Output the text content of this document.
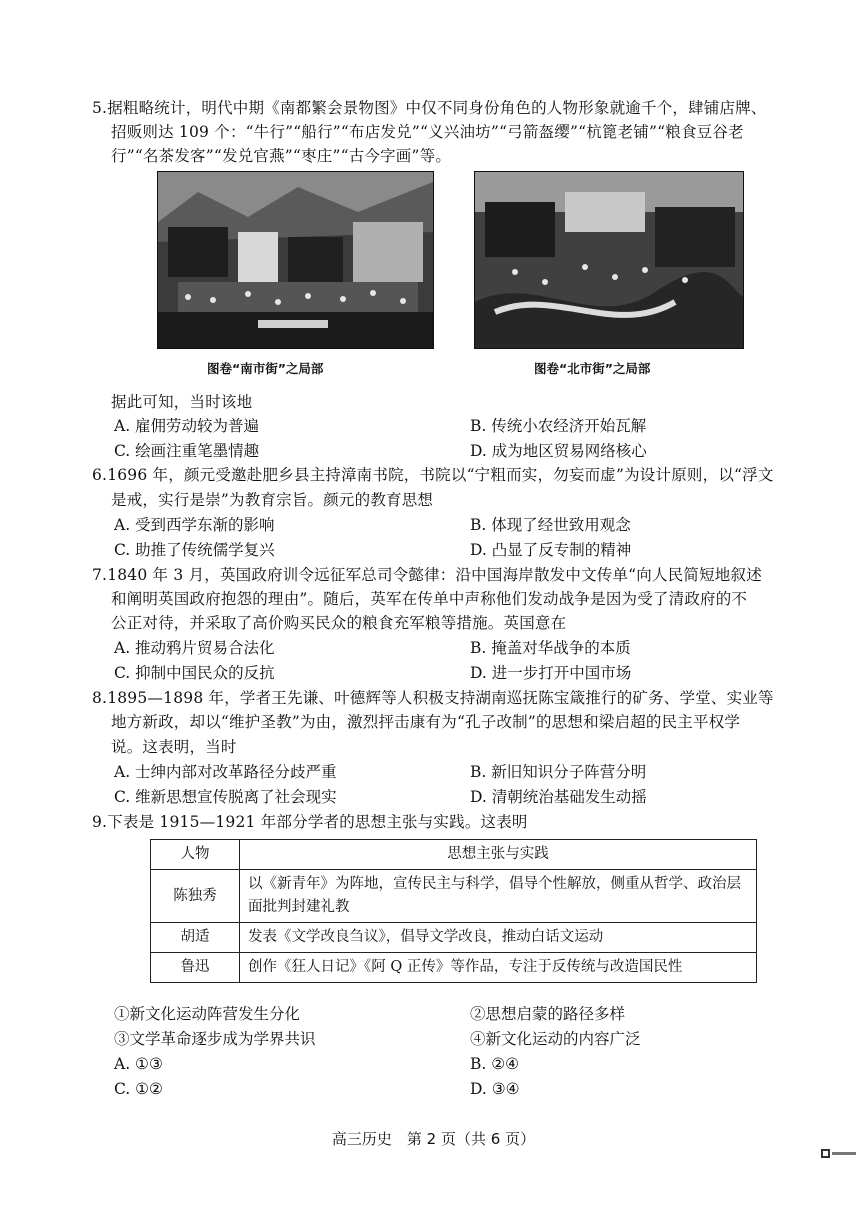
5.据粗略统计，明代中期《南都繁会景物图》中仅不同身份角色的人物形象就逾千个，肆铺店牌、
招贩则达 109 个：“牛行”“船行”“布店发兑”“义兴油坊”“弓箭盔缨”“杭篦老铺”“粮食豆谷老
行”“名茶发客”“发兑官燕”“枣庄”“古今字画”等。
图卷“南市街”之局部	图卷“北市街”之局部
据此可知，当时该地
A. 雇佣劳动较为普遍	B. 传统小农经济开始瓦解
C. 绘画注重笔墨情趣	D. 成为地区贸易网络核心
6.1696 年，颜元受邀赴肥乡县主持漳南书院，书院以“宁粗而实，勿妄而虚”为设计原则，以“浮文
是戒，实行是崇”为教育宗旨。颜元的教育思想
A. 受到西学东渐的影响	B. 体现了经世致用观念
C. 助推了传统儒学复兴	D. 凸显了反专制的精神
7.1840 年 3 月，英国政府训令远征军总司令懿律：沿中国海岸散发中文传单“向人民简短地叙述
和阐明英国政府抱怨的理由”。随后，英军在传单中声称他们发动战争是因为受了清政府的不
公正对待，并采取了高价购买民众的粮食充军粮等措施。英国意在
A. 推动鸦片贸易合法化	B. 掩盖对华战争的本质
C. 抑制中国民众的反抗	D. 进一步打开中国市场
8.1895—1898 年，学者王先谦、叶德辉等人积极支持湖南巡抚陈宝箴推行的矿务、学堂、实业等
地方新政，却以“维护圣教”为由，激烈抨击康有为“孔子改制”的思想和梁启超的民主平权学
说。这表明，当时
A. 士绅内部对改革路径分歧严重	B. 新旧知识分子阵营分明
C. 维新思想宣传脱离了社会现实	D. 清朝统治基础发生动摇
9.下表是 1915—1921 年部分学者的思想主张与实践。这表明
人物	思想主张与实践
陈独秀	以《新青年》为阵地，宣传民主与科学，倡导个性解放，侧重从哲学、政治层面批判封建礼教
胡适	发表《文学改良刍议》，倡导文学改良，推动白话文运动
鲁迅	创作《狂人日记》《阿 Q 正传》等作品，专注于反传统与改造国民性
①新文化运动阵营发生分化	②思想启蒙的路径多样
③文学革命逐步成为学界共识	④新文化运动的内容广泛
A. ①③	B. ②④
C. ①②	D. ③④
高三历史　第 2 页（共 6 页）
